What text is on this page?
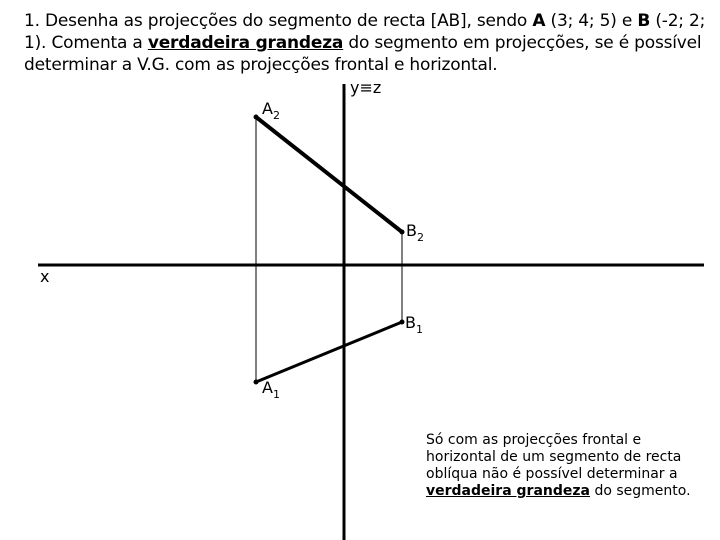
1. Desenha as projecções do segmento de recta [AB], sendo A (3; 4; 5) e B (-2; 2; 1). Comenta a verdadeira grandeza do segmento em projecções, se é possível determinar a V.G. com as projecções frontal e horizontal.

y≡z
x
$A_2$
$B_2$
$B_1$
$A_1$

Só com as projecções frontal e horizontal de um segmento de recta oblíqua não é possível determinar a verdadeira grandeza do segmento.
